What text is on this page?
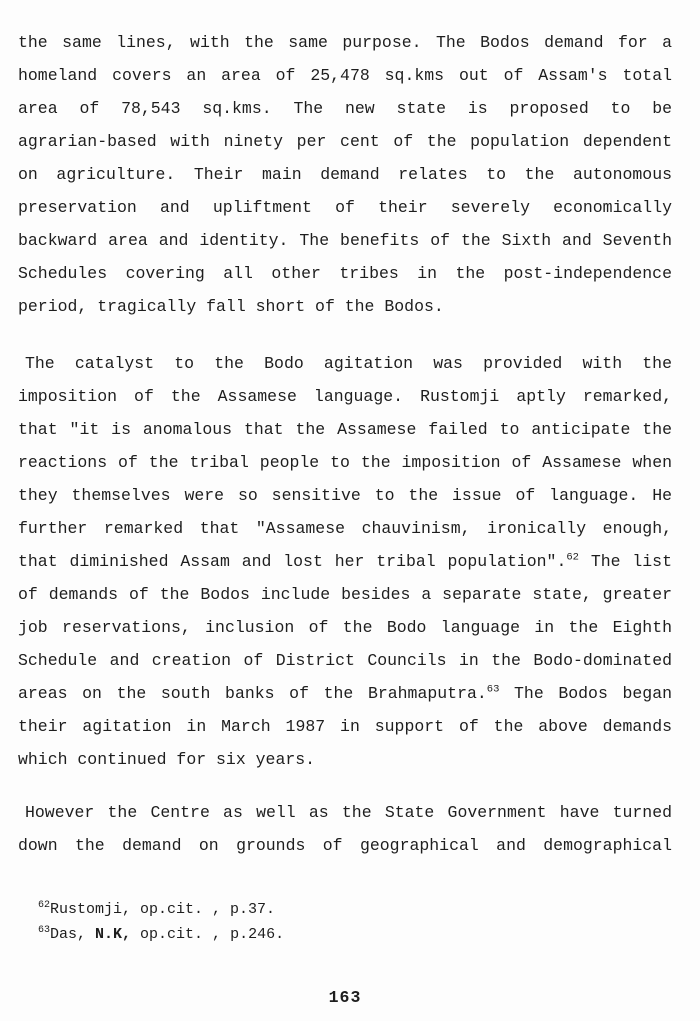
the same lines, with the same purpose. The Bodos demand for a
homeland covers an area of 25,478 sq.kms out of Assam's total
area of 78,543 sq.kms. The new state is proposed to be
agrarian-based with ninety per cent of the population dependent
on agriculture. Their main demand relates to the autonomous
preservation and upliftment of their severely economically
backward area and identity. The benefits of the Sixth and Seventh
Schedules covering all other tribes in the post-independence
period, tragically fall short of the Bodos.
The catalyst to the Bodo agitation was provided with the
imposition of the Assamese language. Rustomji aptly remarked,
that "it is anomalous that the Assamese failed to anticipate the
reactions of the tribal people to the imposition of Assamese when
they themselves were so sensitive to the issue of language. He
further remarked that "Assamese chauvinism, ironically enough,
that diminished Assam and lost her tribal population".$^{62}$ The list
of demands of the Bodos include besides a separate state, greater
job reservations, inclusion of the Bodo language in the Eighth
Schedule and creation of District Councils in the Bodo-dominated
areas on the south banks of the Brahmaputra.$^{63}$ The Bodos began
their agitation in March 1987 in support of the above demands
which continued for six years.
However the Centre as well as the State Government have turned
down the demand on grounds of geographical and demographical
$^{62}$Rustomji, op.cit. , p.37.
$^{63}$Das, N.K, op.cit. , p.246.
163
